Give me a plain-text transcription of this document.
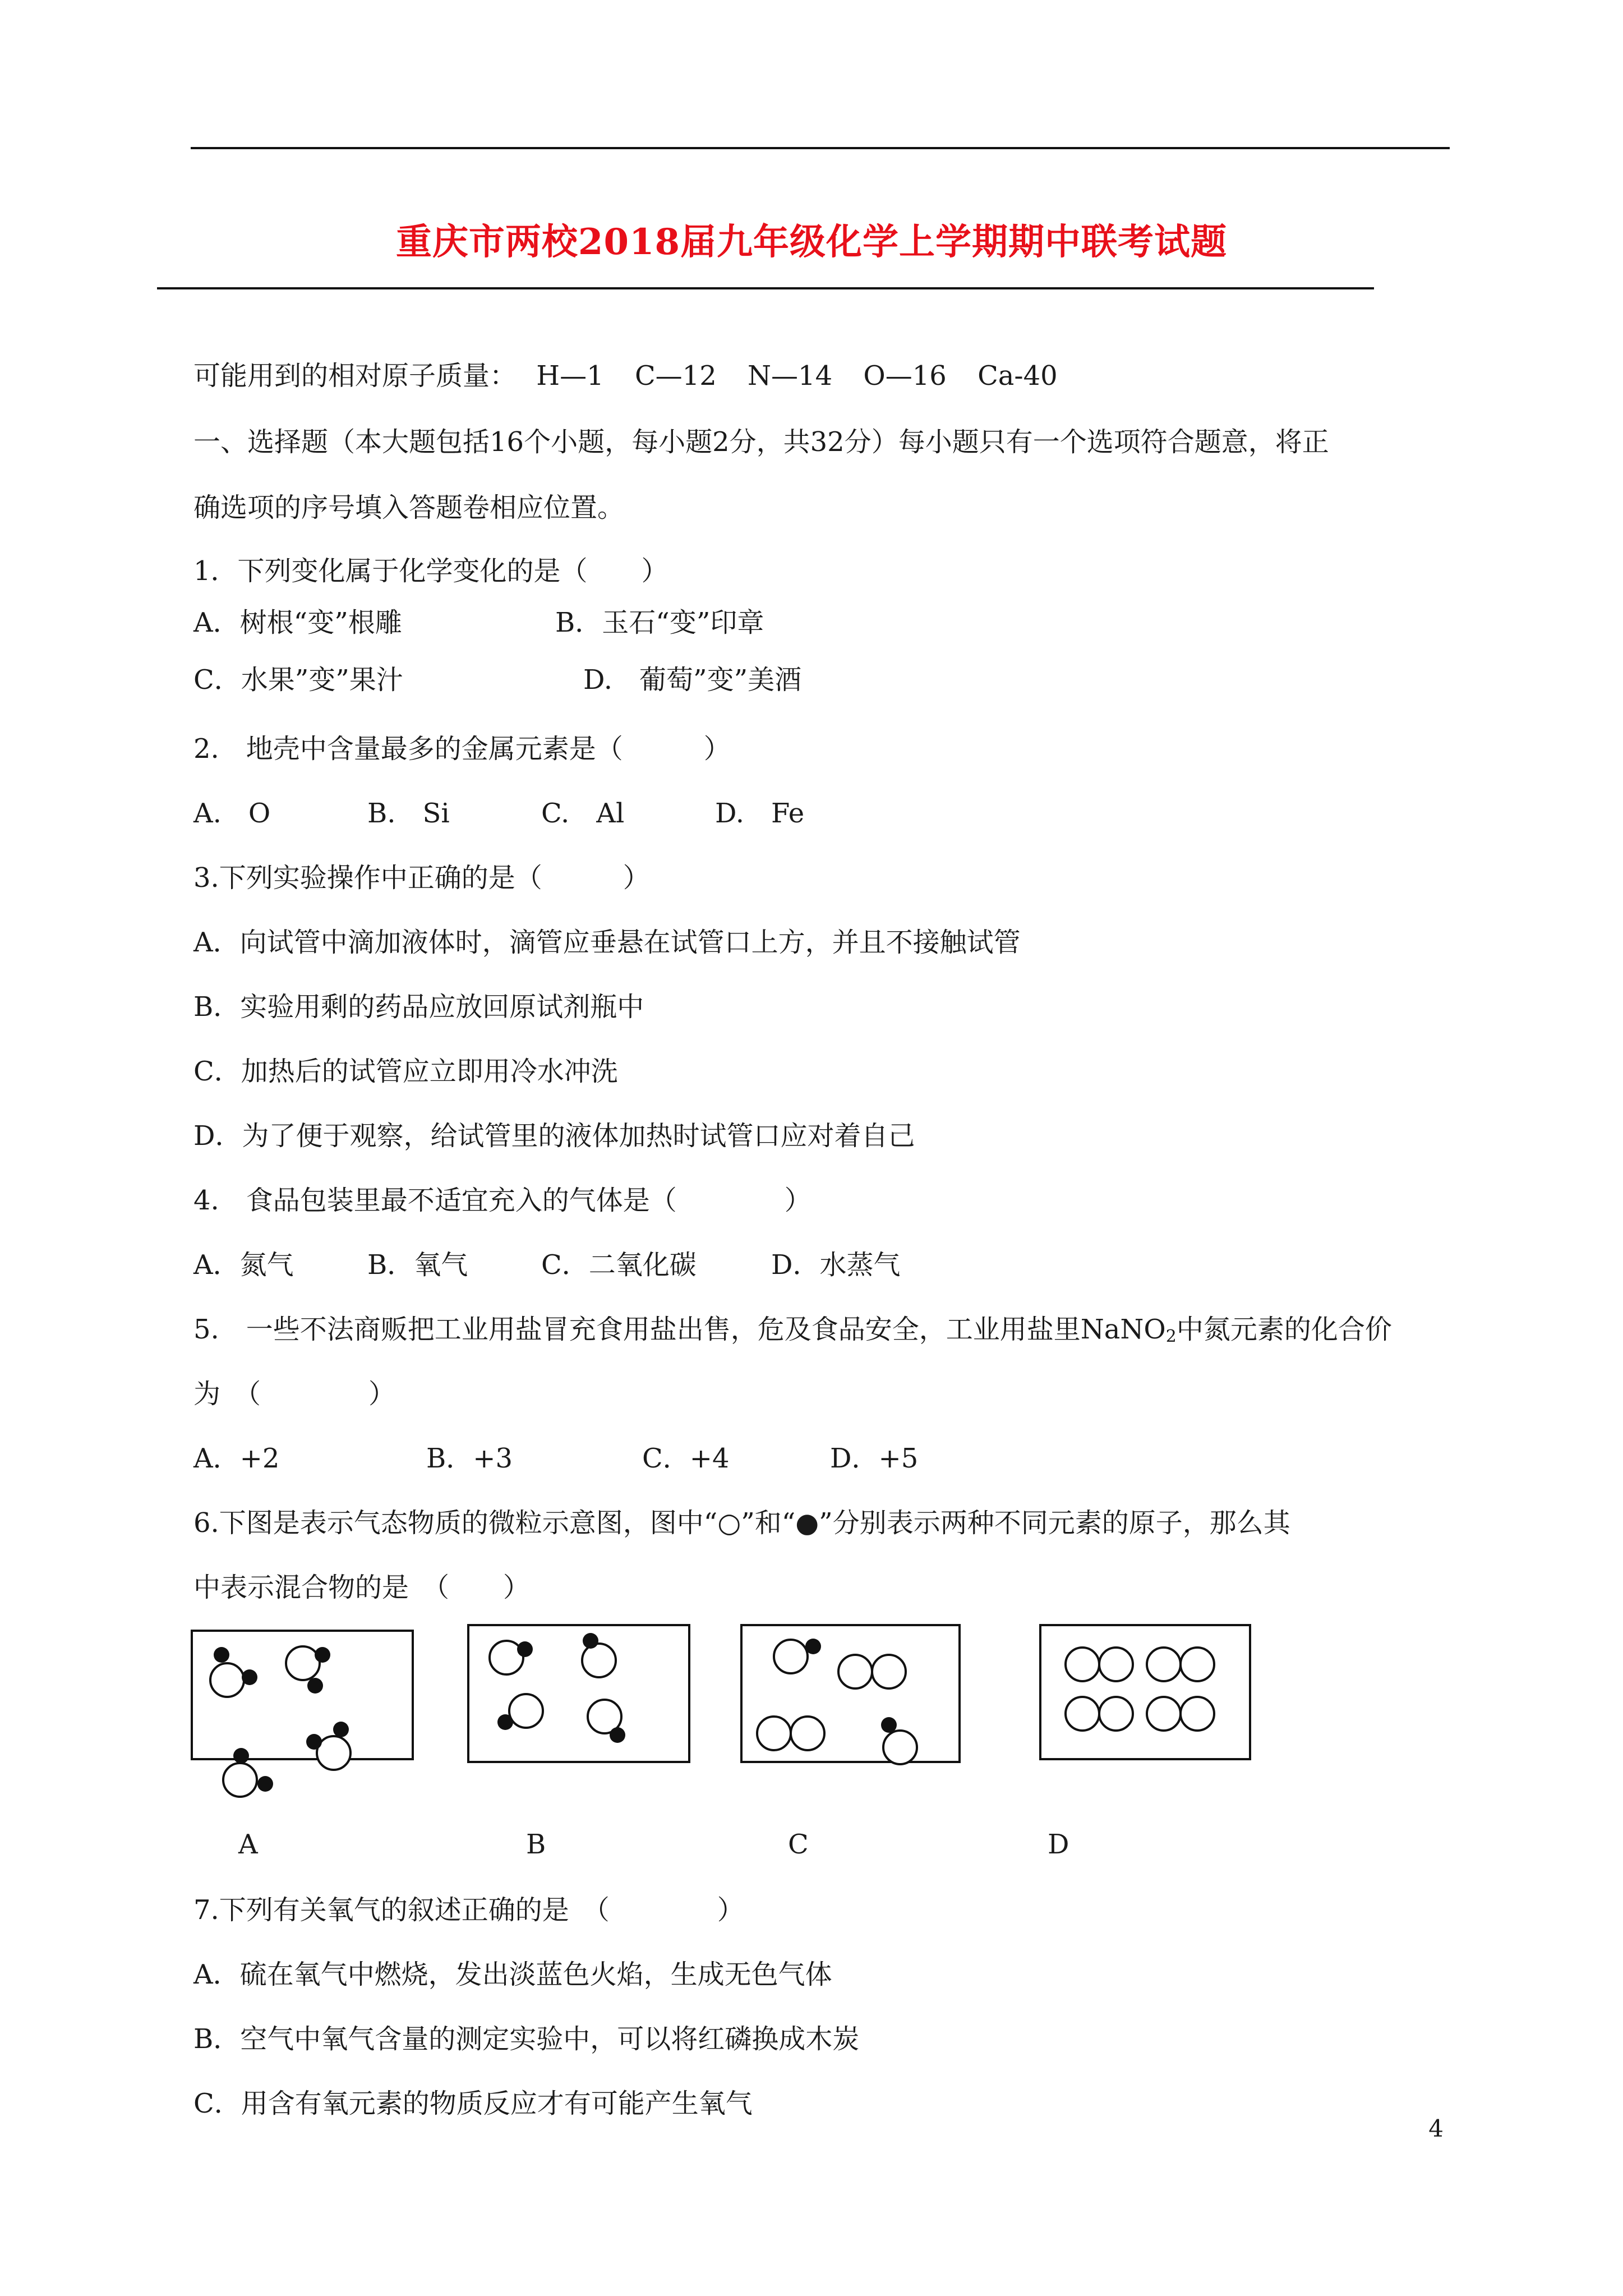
重庆市两校2018届九年级化学上学期期中联考试题
可能用到的相对原子质量： H—1 C—12 N—14 O—16 Ca-40
一、选择题（本大题包括16个小题，每小题2分，共32分）每小题只有一个选项符合题意，将正
确选项的序号填入答题卷相应位置。
1．下列变化属于化学变化的是（　　）
A．树根“变”根雕	B．玉石“变”印章
C．水果”变”果汁	D.　葡萄”变”美酒
2.　地壳中含量最多的金属元素是（　　　）
A.　O	B.　Si	C.　Al	D.　Fe
3.下列实验操作中正确的是（　　　）
A．向试管中滴加液体时，滴管应垂悬在试管口上方，并且不接触试管
B．实验用剩的药品应放回原试剂瓶中
C．加热后的试管应立即用冷水冲洗
D．为了便于观察，给试管里的液体加热时试管口应对着自己
4.　食品包装里最不适宜充入的气体是（　　　　）
A．氮气	B．氧气	C．二氧化碳	D．水蒸气
5.　一些不法商贩把工业用盐冒充食用盐出售，危及食品安全，工业用盐里NaNO$_2$中氮元素的化合价
为　（　　　　）
A．+2	B．+3	C．+4	D．+5
6.下图是表示气态物质的微粒示意图，图中“○”和“●”分别表示两种不同元素的原子，那么其
中表示混合物的是　（　　）
A	B	C	D
7.下列有关氧气的叙述正确的是　（　　　　）
A．硫在氧气中燃烧，发出淡蓝色火焰，生成无色气体
B．空气中氧气含量的测定实验中，可以将红磷换成木炭
C．用含有氧元素的物质反应才有可能产生氧气
4
